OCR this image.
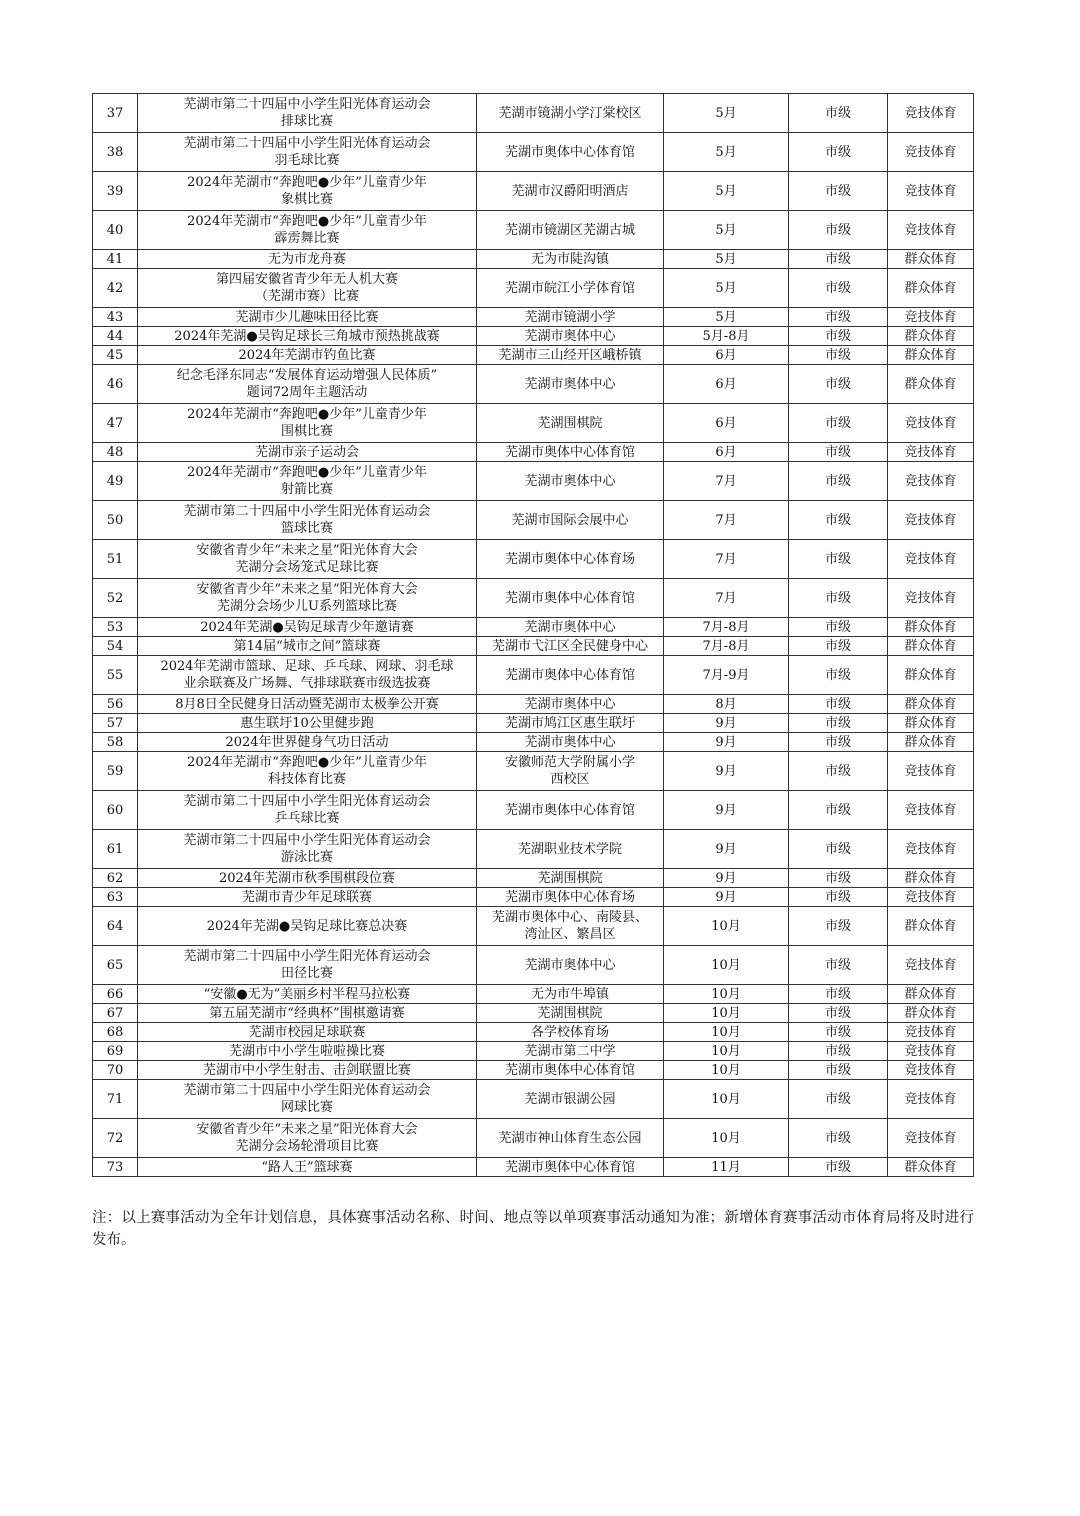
37	芜湖市第二十四届中小学生阳光体育运动会
排球比赛	芜湖市镜湖小学汀棠校区	5月	市级	竞技体育
38	芜湖市第二十四届中小学生阳光体育运动会
羽毛球比赛	芜湖市奥体中心体育馆	5月	市级	竞技体育
39	2024年芜湖市“奔跑吧●少年”儿童青少年
象棋比赛	芜湖市汉爵阳明酒店	5月	市级	竞技体育
40	2024年芜湖市“奔跑吧●少年”儿童青少年
霹雳舞比赛	芜湖市镜湖区芜湖古城	5月	市级	竞技体育
41	无为市龙舟赛	无为市陡沟镇	5月	市级	群众体育
42	第四届安徽省青少年无人机大赛
（芜湖市赛）比赛	芜湖市皖江小学体育馆	5月	市级	群众体育
43	芜湖市少儿趣味田径比赛	芜湖市镜湖小学	5月	市级	竞技体育
44	2024年芜湖●吴钩足球长三角城市预热挑战赛	芜湖市奥体中心	5月-8月	市级	群众体育
45	2024年芜湖市钓鱼比赛	芜湖市三山经开区峨桥镇	6月	市级	群众体育
46	纪念毛泽东同志“发展体育运动增强人民体质”
题词72周年主题活动	芜湖市奥体中心	6月	市级	群众体育
47	2024年芜湖市“奔跑吧●少年”儿童青少年
围棋比赛	芜湖围棋院	6月	市级	竞技体育
48	芜湖市亲子运动会	芜湖市奥体中心体育馆	6月	市级	竞技体育
49	2024年芜湖市“奔跑吧●少年”儿童青少年
射箭比赛	芜湖市奥体中心	7月	市级	竞技体育
50	芜湖市第二十四届中小学生阳光体育运动会
篮球比赛	芜湖市国际会展中心	7月	市级	竞技体育
51	安徽省青少年“未来之星”阳光体育大会
芜湖分会场笼式足球比赛	芜湖市奥体中心体育场	7月	市级	竞技体育
52	安徽省青少年“未来之星”阳光体育大会
芜湖分会场少儿U系列篮球比赛	芜湖市奥体中心体育馆	7月	市级	竞技体育
53	2024年芜湖●吴钩足球青少年邀请赛	芜湖市奥体中心	7月-8月	市级	群众体育
54	第14届“城市之间”篮球赛	芜湖市弋江区全民健身中心	7月-8月	市级	群众体育
55	2024年芜湖市篮球、足球、乒乓球、网球、羽毛球
业余联赛及广场舞、气排球联赛市级选拔赛	芜湖市奥体中心体育馆	7月-9月	市级	群众体育
56	8月8日全民健身日活动暨芜湖市太极拳公开赛	芜湖市奥体中心	8月	市级	群众体育
57	惠生联圩10公里健步跑	芜湖市鸠江区惠生联圩	9月	市级	群众体育
58	2024年世界健身气功日活动	芜湖市奥体中心	9月	市级	群众体育
59	2024年芜湖市“奔跑吧●少年”儿童青少年
科技体育比赛	安徽师范大学附属小学
西校区	9月	市级	竞技体育
60	芜湖市第二十四届中小学生阳光体育运动会
乒乓球比赛	芜湖市奥体中心体育馆	9月	市级	竞技体育
61	芜湖市第二十四届中小学生阳光体育运动会
游泳比赛	芜湖职业技术学院	9月	市级	竞技体育
62	2024年芜湖市秋季围棋段位赛	芜湖围棋院	9月	市级	群众体育
63	芜湖市青少年足球联赛	芜湖市奥体中心体育场	9月	市级	竞技体育
64	2024年芜湖●吴钩足球比赛总决赛	芜湖市奥体中心、南陵县、
湾沚区、繁昌区	10月	市级	群众体育
65	芜湖市第二十四届中小学生阳光体育运动会
田径比赛	芜湖市奥体中心	10月	市级	竞技体育
66	“安徽●无为”美丽乡村半程马拉松赛	无为市牛埠镇	10月	市级	群众体育
67	第五届芜湖市“经典杯”围棋邀请赛	芜湖围棋院	10月	市级	群众体育
68	芜湖市校园足球联赛	各学校体育场	10月	市级	竞技体育
69	芜湖市中小学生啦啦操比赛	芜湖市第二中学	10月	市级	竞技体育
70	芜湖市中小学生射击、击剑联盟比赛	芜湖市奥体中心体育馆	10月	市级	竞技体育
71	芜湖市第二十四届中小学生阳光体育运动会
网球比赛	芜湖市银湖公园	10月	市级	竞技体育
72	安徽省青少年“未来之星”阳光体育大会
芜湖分会场轮滑项目比赛	芜湖市神山体育生态公园	10月	市级	竞技体育
73	“路人王”篮球赛	芜湖市奥体中心体育馆	11月	市级	群众体育
注：以上赛事活动为全年计划信息，具体赛事活动名称、时间、地点等以单项赛事活动通知为准；新增体育赛事活动市体育局将及时进行发布。
